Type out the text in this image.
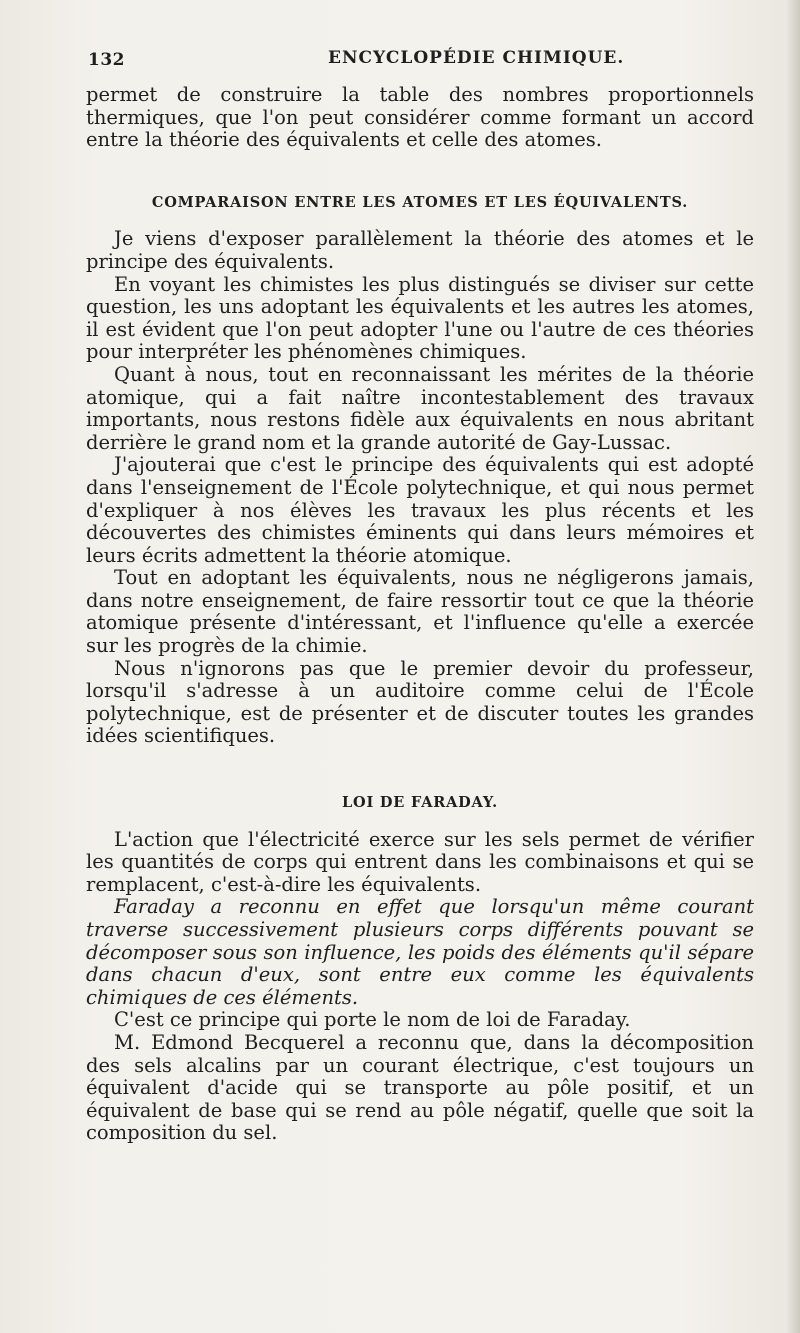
132	ENCYCLOPÉDIE CHIMIQUE.

permet de construire la table des nombres proportionnels thermiques, que l'on peut considérer comme formant un accord entre la théorie des équivalents et celle des atomes.

COMPARAISON ENTRE LES ATOMES ET LES ÉQUIVALENTS.

Je viens d'exposer parallèlement la théorie des atomes et le principe des équivalents.

En voyant les chimistes les plus distingués se diviser sur cette question, les uns adoptant les équivalents et les autres les atomes, il est évident que l'on peut adopter l'une ou l'autre de ces théories pour interpréter les phénomènes chimiques.

Quant à nous, tout en reconnaissant les mérites de la théorie atomique, qui a fait naître incontestablement des travaux importants, nous restons fidèle aux équivalents en nous abritant derrière le grand nom et la grande autorité de Gay-Lussac.

J'ajouterai que c'est le principe des équivalents qui est adopté dans l'enseignement de l'École polytechnique, et qui nous permet d'expliquer à nos élèves les travaux les plus récents et les découvertes des chimistes éminents qui dans leurs mémoires et leurs écrits admettent la théorie atomique.

Tout en adoptant les équivalents, nous ne négligerons jamais, dans notre enseignement, de faire ressortir tout ce que la théorie atomique présente d'intéressant, et l'influence qu'elle a exercée sur les progrès de la chimie.

Nous n'ignorons pas que le premier devoir du professeur, lorsqu'il s'adresse à un auditoire comme celui de l'École polytechnique, est de présenter et de discuter toutes les grandes idées scientifiques.

LOI DE FARADAY.

L'action que l'électricité exerce sur les sels permet de vérifier les quantités de corps qui entrent dans les combinaisons et qui se remplacent, c'est-à-dire les équivalents.

Faraday a reconnu en effet que lorsqu'un même courant traverse successivement plusieurs corps différents pouvant se décomposer sous son influence, les poids des éléments qu'il sépare dans chacun d'eux, sont entre eux comme les équivalents chimiques de ces éléments.

C'est ce principe qui porte le nom de loi de Faraday.

M. Edmond Becquerel a reconnu que, dans la décomposition des sels alcalins par un courant électrique, c'est toujours un équivalent d'acide qui se transporte au pôle positif, et un équivalent de base qui se rend au pôle négatif, quelle que soit la composition du sel.
